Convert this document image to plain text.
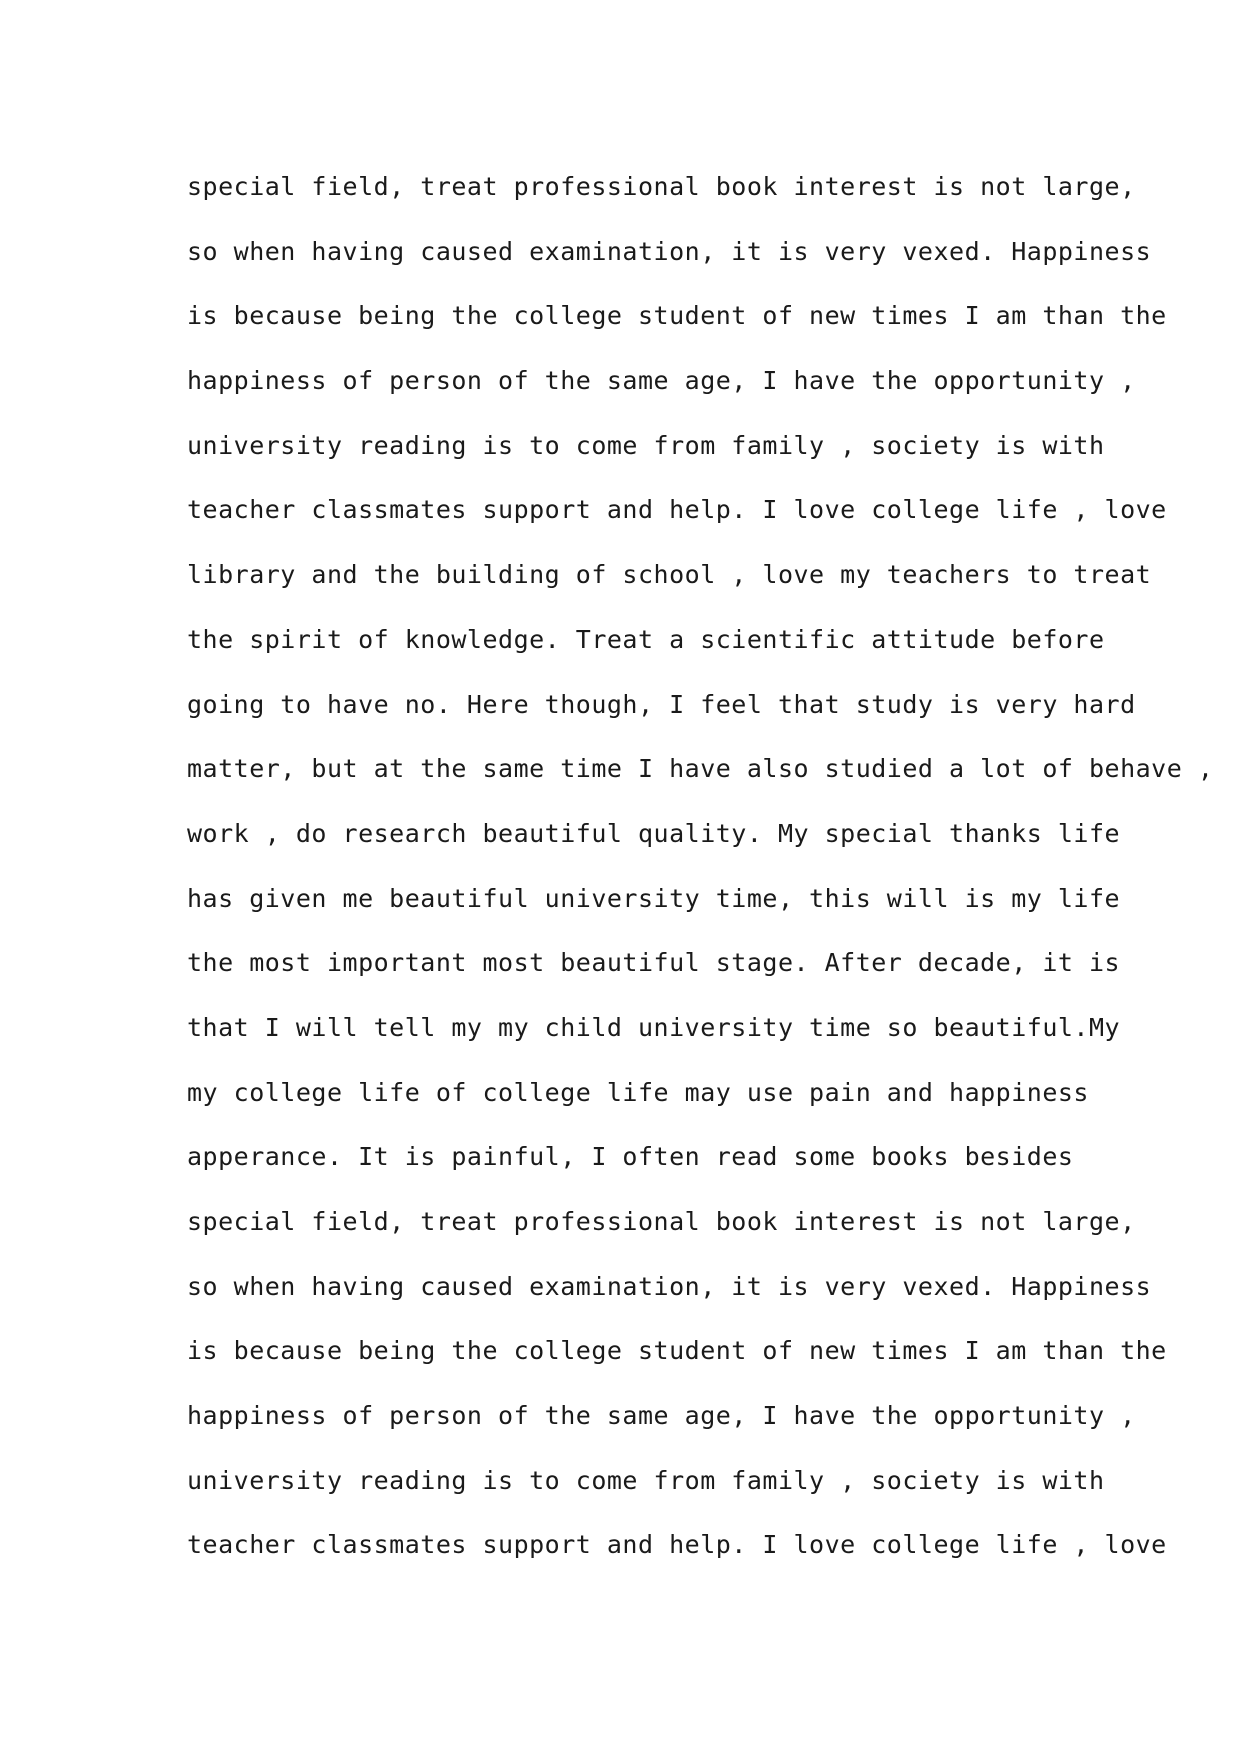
special field, treat professional book interest is not large,
so when having caused examination, it is very vexed. Happiness
is because being the college student of new times I am than the
happiness of person of the same age, I have the opportunity ,
university reading is to come from family , society is with
teacher classmates support and help. I love college life , love
library and the building of school , love my teachers to treat
the spirit of knowledge. Treat a scientific attitude before
going to have no. Here though, I feel that study is very hard
matter, but at the same time I have also studied a lot of behave ,
work , do research beautiful quality. My special thanks life
has given me beautiful university time, this will is my life
the most important most beautiful stage. After decade, it is
that I will tell my my child university time so beautiful.My
my college life of college life may use pain and happiness
apperance. It is painful, I often read some books besides
special field, treat professional book interest is not large,
so when having caused examination, it is very vexed. Happiness
is because being the college student of new times I am than the
happiness of person of the same age, I have the opportunity ,
university reading is to come from family , society is with
teacher classmates support and help. I love college life , love
